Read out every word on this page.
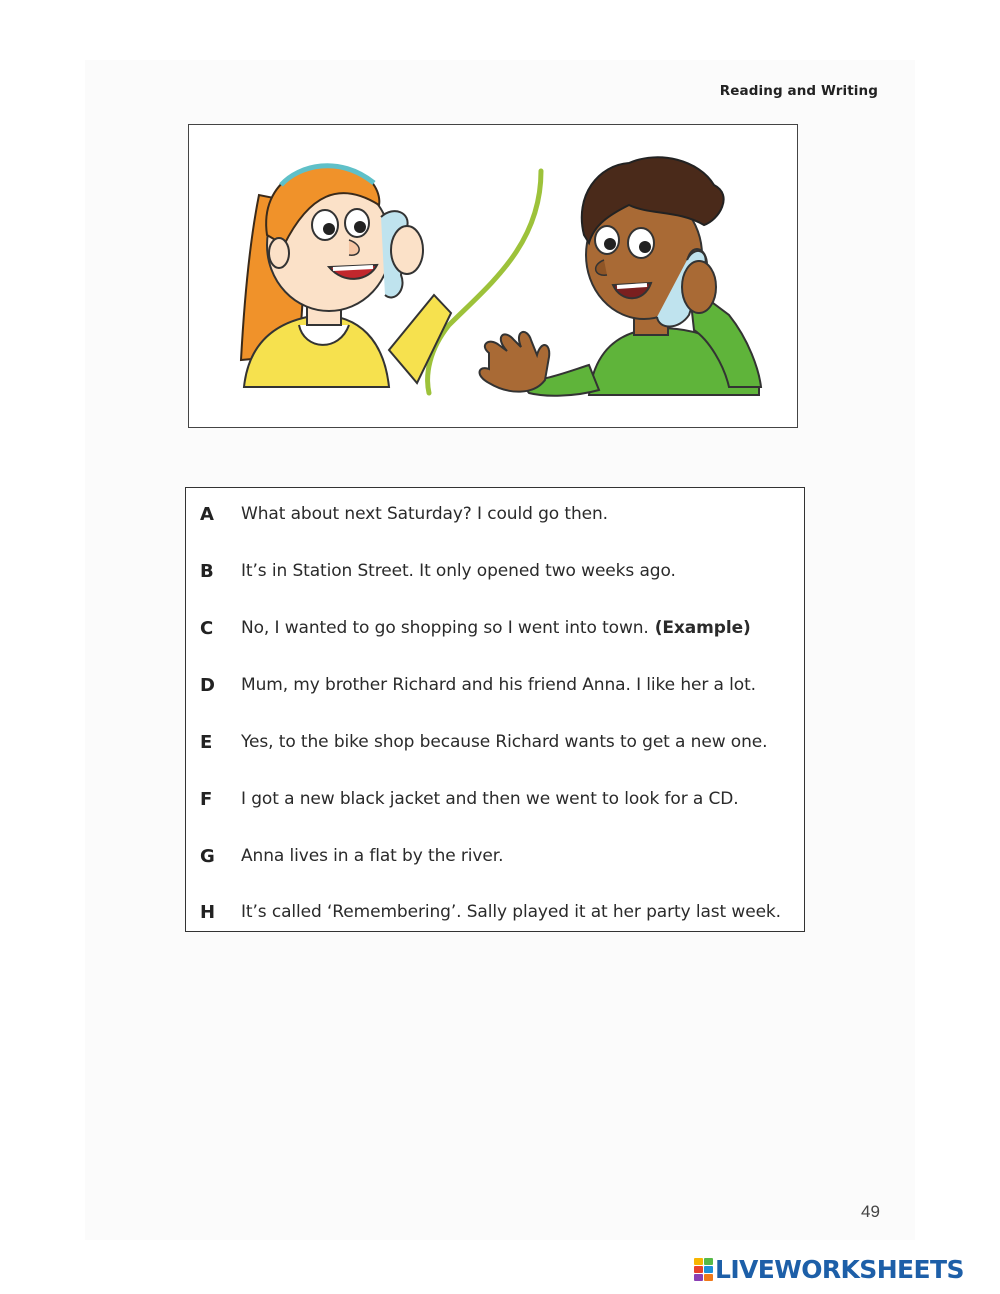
Reading and Writing
A	What about next Saturday? I could go then.
B	It’s in Station Street. It only opened two weeks ago.
C	No, I wanted to go shopping so I went into town. (Example)
D Mum, my brother Richard and his friend Anna. I like her a lot.
E	Yes, to the bike shop because Richard wants to get a new one.
F	I got a new black jacket and then we went to look for a CD.
G	Anna lives in a flat by the river.
H It’s called ‘Remembering’. Sally played it at her party last week.
49
LIVEWORKSHEETS
